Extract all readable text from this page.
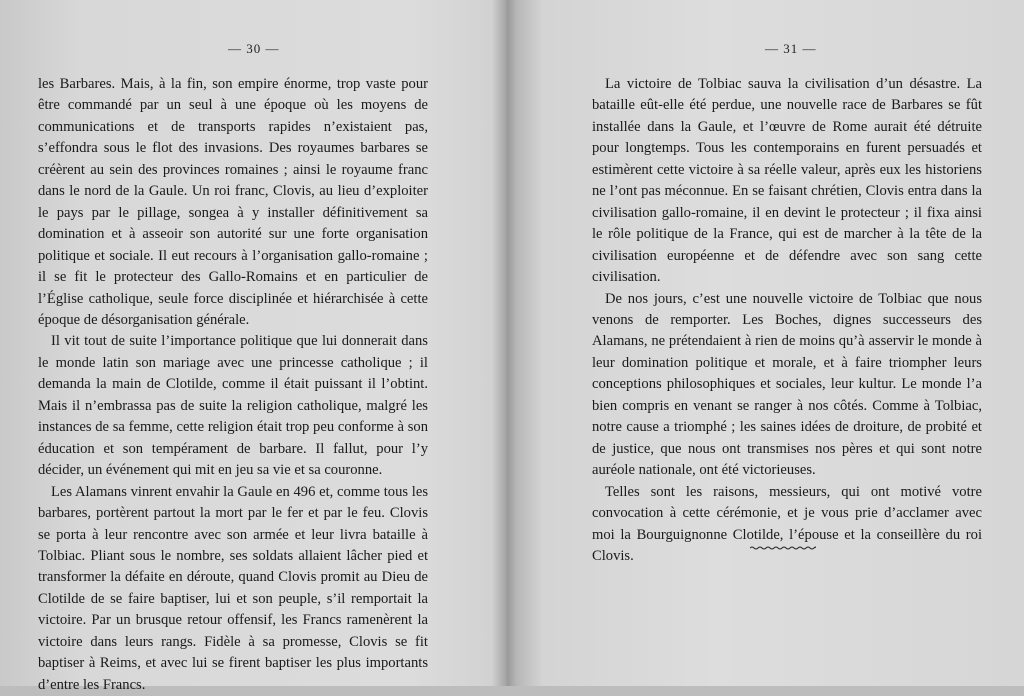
— 30 —

les Barbares. Mais, à la fin, son empire énorme, trop vaste pour être commandé par un seul à une époque où les moyens de communications et de transports rapides n’existaient pas, s’effondra sous le flot des invasions. Des royaumes barbares se créèrent au sein des provinces romaines ; ainsi le royaume franc dans le nord de la Gaule. Un roi franc, Clovis, au lieu d’exploiter le pays par le pillage, songea à y installer définitivement sa domination et à asseoir son autorité sur une forte organisation politique et sociale. Il eut recours à l’organisation gallo-romaine ; il se fit le protecteur des Gallo-Romains et en particulier de l’Église catholique, seule force disciplinée et hiérarchisée à cette époque de désorganisation générale.

Il vit tout de suite l’importance politique que lui donnerait dans le monde latin son mariage avec une princesse catholique ; il demanda la main de Clotilde, comme il était puissant il l’obtint. Mais il n’embrassa pas de suite la religion catholique, malgré les instances de sa femme, cette religion était trop peu conforme à son éducation et son tempérament de barbare. Il fallut, pour l’y décider, un événement qui mit en jeu sa vie et sa couronne.

Les Alamans vinrent envahir la Gaule en 496 et, comme tous les barbares, portèrent partout la mort par le fer et par le feu. Clovis se porta à leur rencontre avec son armée et leur livra bataille à Tolbiac. Pliant sous le nombre, ses soldats allaient lâcher pied et transformer la défaite en déroute, quand Clovis promit au Dieu de Clotilde de se faire baptiser, lui et son peuple, s’il remportait la victoire. Par un brusque retour offensif, les Francs ramenèrent la victoire dans leurs rangs. Fidèle à sa promesse, Clovis se fit baptiser à Reims, et avec lui se firent baptiser les plus importants d’entre les Francs.

— 31 —

La victoire de Tolbiac sauva la civilisation d’un désastre. La bataille eût-elle été perdue, une nouvelle race de Barbares se fût installée dans la Gaule, et l’œuvre de Rome aurait été détruite pour longtemps. Tous les contemporains en furent persuadés et estimèrent cette victoire à sa réelle valeur, après eux les historiens ne l’ont pas méconnue. En se faisant chrétien, Clovis entra dans la civilisation gallo-romaine, il en devint le protecteur ; il fixa ainsi le rôle politique de la France, qui est de marcher à la tête de la civilisation européenne et de défendre avec son sang cette civilisation.

De nos jours, c’est une nouvelle victoire de Tolbiac que nous venons de remporter. Les Boches, dignes successeurs des Alamans, ne prétendaient à rien de moins qu’à asservir le monde à leur domination politique et morale, et à faire triompher leurs conceptions philosophiques et sociales, leur kultur. Le monde l’a bien compris en venant se ranger à nos côtés. Comme à Tolbiac, notre cause a triomphé ; les saines idées de droiture, de probité et de justice, que nous ont transmises nos pères et qui sont notre auréole nationale, ont été victorieuses.

Telles sont les raisons, messieurs, qui ont motivé votre convocation à cette cérémonie, et je vous prie d’acclamer avec moi la Bourguignonne Clotilde, l’épouse et la conseillère du roi Clovis.
